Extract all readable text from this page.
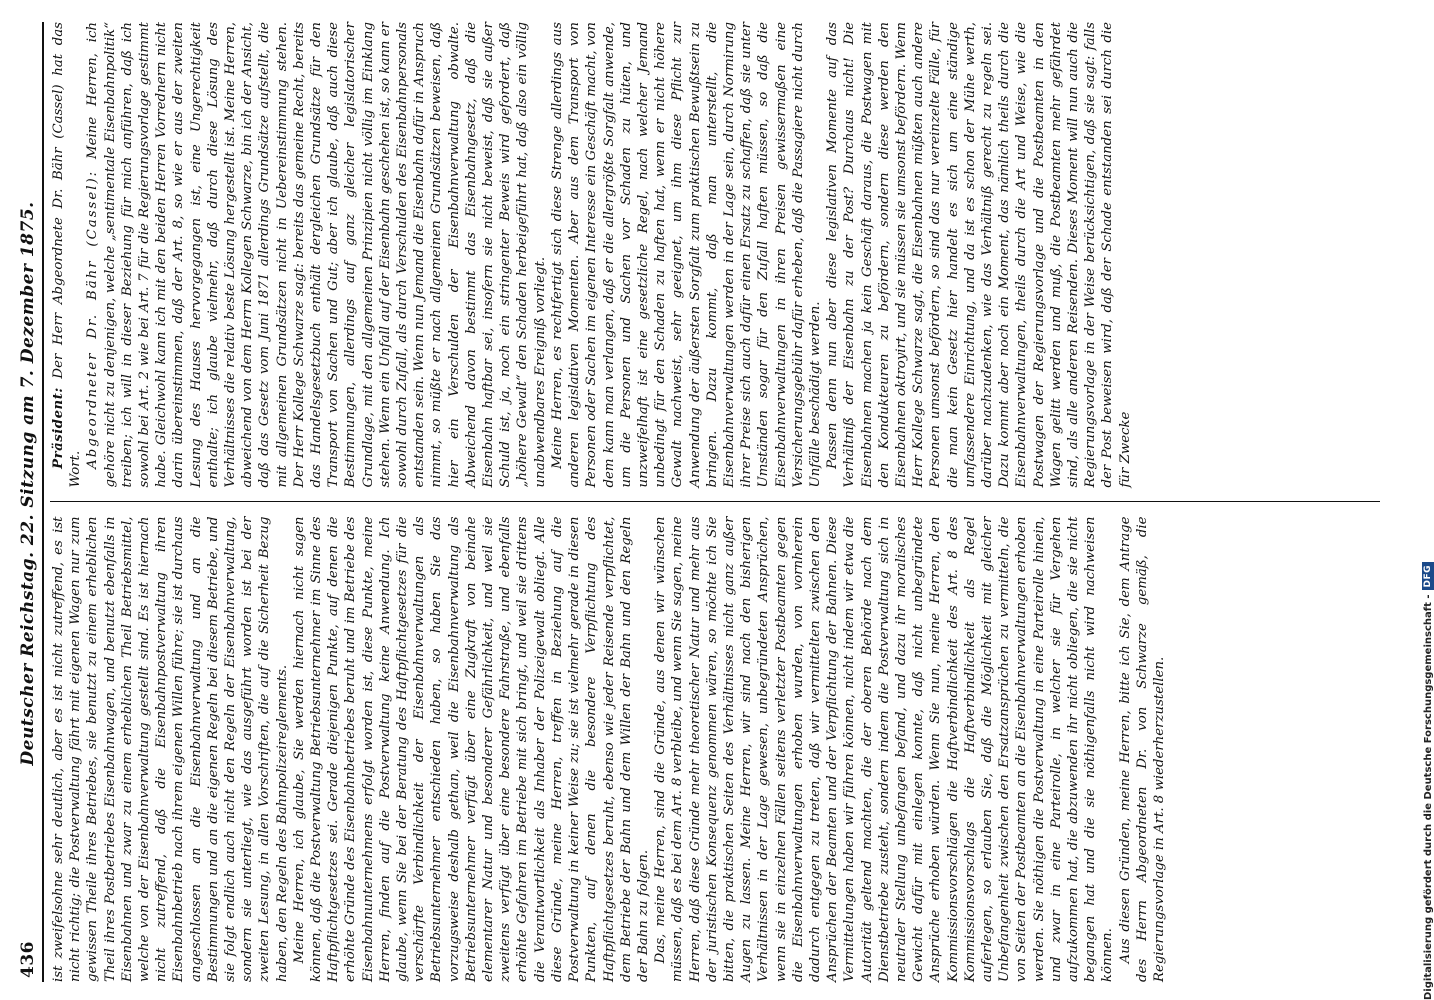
436
Deutscher Reichstag. 22. Sitzung am 7. Dezember 1875. ist zweifelsohne sehr deutlich, aber es ist nicht zutreffend, es ist nicht richtig; die Postverwaltung fährt mit eigenen Wagen nur zum gewissen Theile ihres Betriebes, sie benutzt zu einem erheblichen Theil ihres Postbetriebes Eisenbahnwagen, und benutzt ebenfalls in Eisenbahnen und zwar zu einem erheblichen Theil Betriebsmittel, welche von der Eisenbahnverwaltung gestellt sind. Es ist hiernach nicht zutreffend, daß die Eisenbahnpostverwaltung ihren Eisenbahnbetrieb nach ihrem eigenen Willen führe; sie ist durchaus angeschlossen an die Eisenbahnverwaltung und an die Bestimmungen und an die eigenen Regeln bei diesem Betriebe, und sie folgt endlich auch nicht den Regeln der Eisenbahnverwaltung, sondern sie unterliegt, wie das ausgeführt worden ist bei der zweiten Lesung, in allen Vorschriften, die auf die Sicherheit Bezug haben, den Regeln des Bahnpolizeireglements. Meine Herren, ich glaube, Sie werden hiernach nicht sagen können, daß die Postverwaltung Betriebsunternehmer im Sinne des Haftpflichtgesetzes sei. Gerade diejenigen Punkte, auf denen die erhöhte Gründe des Eisenbahnbetriebes beruht und im Betriebe des Eisenbahnunternehmens erfolgt worden ist, diese Punkte, meine Herren, finden auf die Postverwaltung keine Anwendung. Ich glaube, wenn Sie bei der Beratung des Haftpflichtgesetzes für die verschärfte Verbindlichkeit der Eisenbahnverwaltungen als Betriebsunternehmer entschieden haben, so haben Sie das vorzugsweise deshalb gethan, weil die Eisenbahnverwaltung als Betriebsunternehmer verfügt über eine Zugkraft von beinahe elementarer Natur und besonderer Gefährlichkeit, und weil sie zweitens verfügt über eine besondere Fahrstraße, und ebenfalls erhöhte Gefahren im Betriebe mit sich bringt, und weil sie drittens die Verantwortlichkeit als Inhaber der Polizeigewalt obliegt. Alle diese Gründe, meine Herren, treffen in Beziehung auf die Postverwaltung in keiner Weise zu; sie ist vielmehr gerade in diesen Punkten, auf denen die besondere Verpflichtung des Haftpflichtgesetzes beruht, ebenso wie jeder Reisende verpflichtet, dem Betriebe der Bahn und dem Willen der Bahn und den Regeln der Bahn zu folgen. Das, meine Herren, sind die Gründe, aus denen wir wünschen müssen, daß es bei dem Art. 8 verbleibe, und wenn Sie sagen, meine Herren, daß diese Gründe mehr theoretischer Natur und mehr aus der juristischen Konsequenz genommen wären, so möchte ich Sie bitten, die praktischen Seiten des Verhältnisses nicht ganz außer Augen zu lassen. Meine Herren, wir sind nach den bisherigen Verhältnissen in der Lage gewesen, unbegründeten Ansprüchen, wenn sie in einzelnen Fällen seitens verletzter Postbeamten gegen die Eisenbahnverwaltungen erhoben wurden, von vornherein dadurch entgegen zu treten, daß wir vermittelten zwischen den Ansprüchen der Beamten und der Verpflichtung der Bahnen. Diese Vermittelungen haben wir führen können, nicht indem wir etwa die Autorität geltend machten, die der oberen Behörde nach dem Dienstbetriebe zusteht, sondern indem die Postverwaltung sich in neutraler Stellung unbefangen befand, und dazu ihr moralisches Gewicht dafür mit einlegen konnte, daß nicht unbegründete Ansprüche erhoben würden. Wenn Sie nun, meine Herren, den Kommissionsvorschlägen die Haftverbindlichkeit des Art. 8 des Kommissionsvorschlags die Haftverbindlichkeit als Regel auferlegen, so erlauben Sie, daß die Möglichkeit mit gleicher Unbefangenheit zwischen den Ersatzansprüchen zu vermitteln, die von Seiten der Postbeamten an die Eisenbahnverwaltungen erhoben werden. Sie nöthigen die Postverwaltung in eine Parteirolle hinein, und zwar in eine Parteirolle, in welcher sie für Vergehen aufzukommen hat, die abzuwenden ihr nicht obliegen, die sie nicht begangen hat und die sie nöthigenfalls nicht wird nachweisen können. Aus diesen Gründen, meine Herren, bitte ich Sie, dem Antrage des Herrn Abgeordneten Dr. von Schwarze gemäß, die Regierungsvorlage in Art. 8 wiederherzustellen.

Präsident: Der Herr Abgeordnete Dr. Bähr (Cassel) hat das Wort.

Abgeordneter Dr. Bähr (Cassel): Meine Herren, ich gehöre nicht zu denjenigen, welche „sentimentale Eisenbahnpolitik“ treiben; ich will in dieser Beziehung für mich anführen, daß ich sowohl bei Art. 2 wie bei Art. 7 für die Regierungsvorlage gestimmt habe. Gleichwohl kann ich mit den beiden Herren Vorrednern nicht darin übereinstimmen, daß der Art. 8, so wie er aus der zweiten Lesung des Hauses hervorgegangen ist, eine Ungerechtigkeit enthalte; ich glaube vielmehr, daß durch diese Lösung des Verhältnisses die relativ beste Lösung hergestellt ist. Meine Herren, abweichend von dem Herrn Kollegen Schwarze, bin ich der Ansicht, daß das Gesetz vom Juni 1871 allerdings Grundsätze aufstellt, die mit allgemeinen Grundsätzen nicht in Uebereinstimmung stehen. Der Herr Kollege Schwarze sagt: bereits das gemeine Recht, bereits das Handelsgesetzbuch enthält dergleichen Grundsätze für den Transport von Sachen und Gut; aber ich glaube, daß auch diese Bestimmungen, allerdings auf ganz gleicher legislatorischer Grundlage, mit den allgemeinen Prinzipien nicht völlig im Einklang stehen. Wenn ein Unfall auf der Eisenbahn geschehen ist, so kann er sowohl durch Zufall, als durch Verschulden des Eisenbahnpersonals entstanden sein. Wenn nun Jemand die Eisenbahn dafür in Anspruch nimmt, so müßte er nach allgemeinen Grundsätzen beweisen, daß hier ein Verschulden der Eisenbahnverwaltung obwalte. Abweichend davon bestimmt das Eisenbahngesetz, daß die Eisenbahn haftbar sei, insofern sie nicht beweist, daß sie außer Schuld ist, ja, noch ein stringenter Beweis wird gefordert, daß „höhere Gewalt“ den Schaden herbeigeführt hat, daß also ein völlig unabwendbares Ereigniß vorliegt. Meine Herren, es rechtfertigt sich diese Strenge allerdings aus anderen legislativen Momenten. Aber aus dem Transport von Personen oder Sachen im eigenen Interesse ein Geschäft macht, von dem kann man verlangen, daß er die allergrößte Sorgfalt anwende, um die Personen und Sachen vor Schaden zu hüten, und unzweifelhaft ist eine gesetzliche Regel, nach welcher Jemand unbedingt für den Schaden zu haften hat, wenn er nicht höhere Gewalt nachweist, sehr geeignet, um ihm diese Pflicht zur Anwendung der äußersten Sorgfalt zum praktischen Bewußtsein zu bringen. Dazu kommt, daß man unterstellt, die Eisenbahnverwaltungen werden in der Lage sein, durch Normirung ihrer Preise sich auch dafür einen Ersatz zu schaffen, daß sie unter Umständen sogar für den Zufall haften müssen, so daß die Eisenbahnverwaltungen in ihren Preisen gewissermaßen eine Versicherungsgebühr dafür erheben, daß die Passagiere nicht durch Unfälle beschädigt werden. Passen denn nun aber diese legislativen Momente auf das Verhältniß der Eisenbahn zu der Post? Durchaus nicht! Die Eisenbahnen machen ja kein Geschäft daraus, die Postwagen mit den Kondukteuren zu befördern, sondern diese werden den Eisenbahnen oktroyirt, und sie müssen sie umsonst befördern. Wenn Herr Kollege Schwarze sagt, die Eisenbahnen müßten auch andere Personen umsonst befördern, so sind das nur vereinzelte Fälle, für die man kein Gesetz hier handelt es sich um eine ständige umfassendere Einrichtung, und da ist es schon der Mühe werth, darüber nachzudenken, wie das Verhältniß gerecht zu regeln sei. Dazu kommt aber noch ein Moment, das nämlich theils durch die Eisenbahnverwaltungen, theils durch die Art und Weise, wie die Postwagen der Regierungsvorlage und die Postbeamten in den Wagen gelitt werden und muß, die Postbeamten mehr gefährdet sind, als alle anderen Reisenden. Dieses Moment will nun auch die Regierungsvorlage in der Weise berücksichtigen, daß sie sagt: falls der Post beweisen wird, daß der Schade entstanden sei durch die für Zwecke

Digitalisierung gefördert durch die Deutsche Forschungsgemeinschaft -
DFG
